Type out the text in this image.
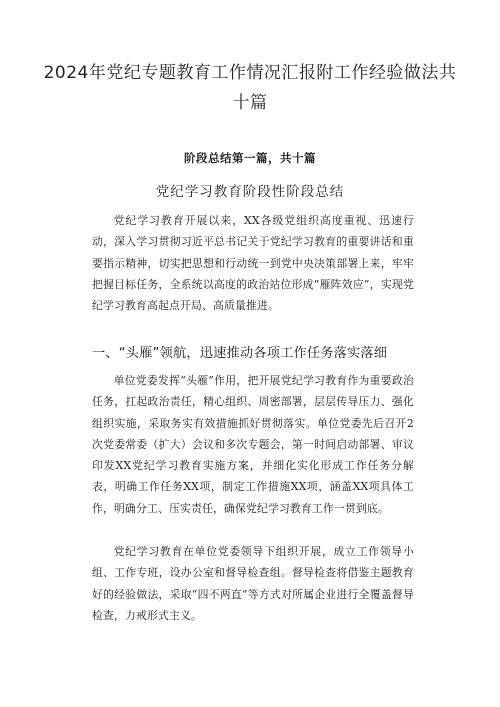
2024年党纪专题教育工作情况汇报附工作经验做法共十篇
阶段总结第一篇，共十篇
党纪学习教育阶段性阶段总结

党纪学习教育开展以来，XX各级党组织高度重视、迅速行动，深入学习贯彻习近平总书记关于党纪学习教育的重要讲话和重要指示精神，切实把思想和行动统一到党中央决策部署上来，牢牢把握目标任务，全系统以高度的政治站位形成“雁阵效应”，实现党纪学习教育高起点开局、高质量推进。

一、“头雁”领航，迅速推动各项工作任务落实落细

单位党委发挥“头雁”作用，把开展党纪学习教育作为重要政治任务，扛起政治责任，精心组织、周密部署，层层传导压力、强化组织实施，采取务实有效措施抓好贯彻落实。单位党委先后召开2次党委常委（扩大）会议和多次专题会，第一时间启动部署、审议印发XX党纪学习教育实施方案，并细化实化形成工作任务分解表，明确工作任务XX项，制定工作措施XX项，涵盖XX项具体工作，明确分工、压实责任，确保党纪学习教育工作一贯到底。

党纪学习教育在单位党委领导下组织开展，成立工作领导小组、工作专班，设办公室和督导检查组。督导检查将借鉴主题教育好的经验做法，采取“四不两直”等方式对所属企业进行全覆盖督导检查，力戒形式主义。
